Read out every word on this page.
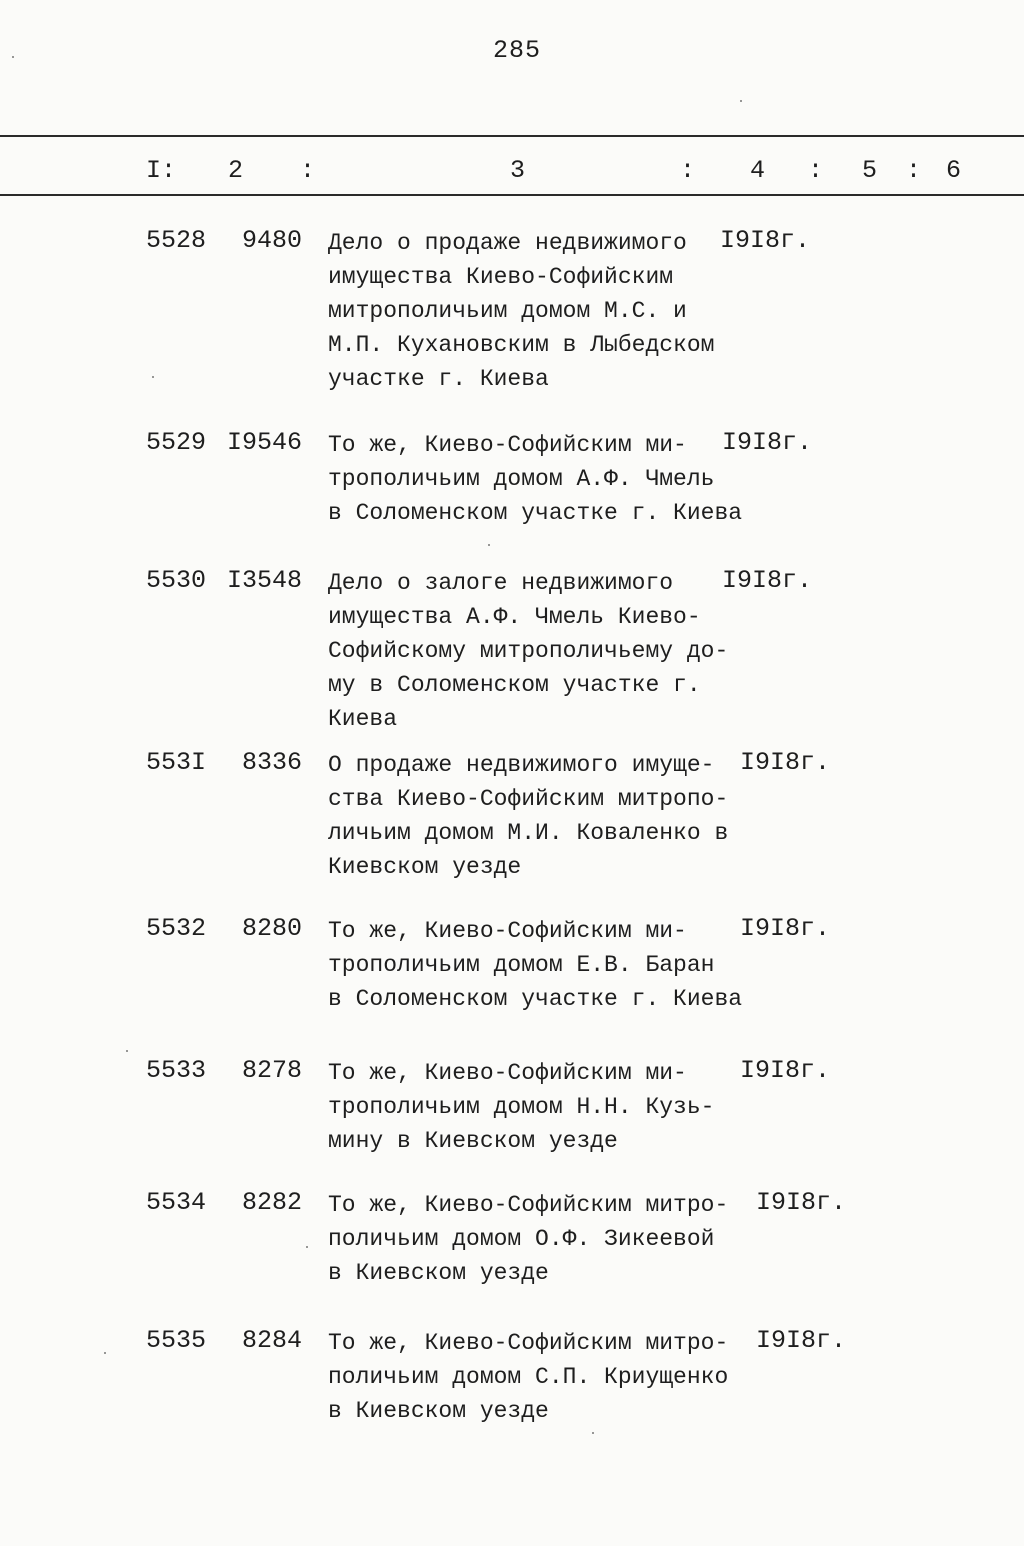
285
I: 2 :	3	: 4 : 5 : 6
5528 9480 Дело о продаже недвижимого
имущества Киево-Софийским
митрополичьим домом М.С. и
М.П. Кухановским в Лыбедском
участке г. Киева
I9I8г.
5529 I9546 То же, Киево-Софийским ми-
трополичьим домом А.Ф. Чмель
в Соломенском участке г. Киева
I9I8г.
5530 I3548 Дело о залоге недвижимого
имущества А.Ф. Чмель Киево-
Софийскому митрополичьему до-
му в Соломенском участке г.
Киева
I9I8г.
553I 8336 О продаже недвижимого имуще-
ства Киево-Софийским митропо-
личьим домом М.И. Коваленко в
Киевском уезде
I9I8г.
5532 8280 То же, Киево-Софийским ми-
трополичьим домом Е.В. Баран
в Соломенском участке г. Киева
I9I8г.
5533 8278 То же, Киево-Софийским ми-
трополичьим домом Н.Н. Кузь-
мину в Киевском уезде
I9I8г.
5534 8282 То же, Киево-Софийским митро-
поличьим домом О.Ф. Зикеевой
в Киевском уезде
I9I8г.
5535 8284 То же, Киево-Софийским митро-
поличьим домом С.П. Криущенко
в Киевском уезде
I9I8г.
